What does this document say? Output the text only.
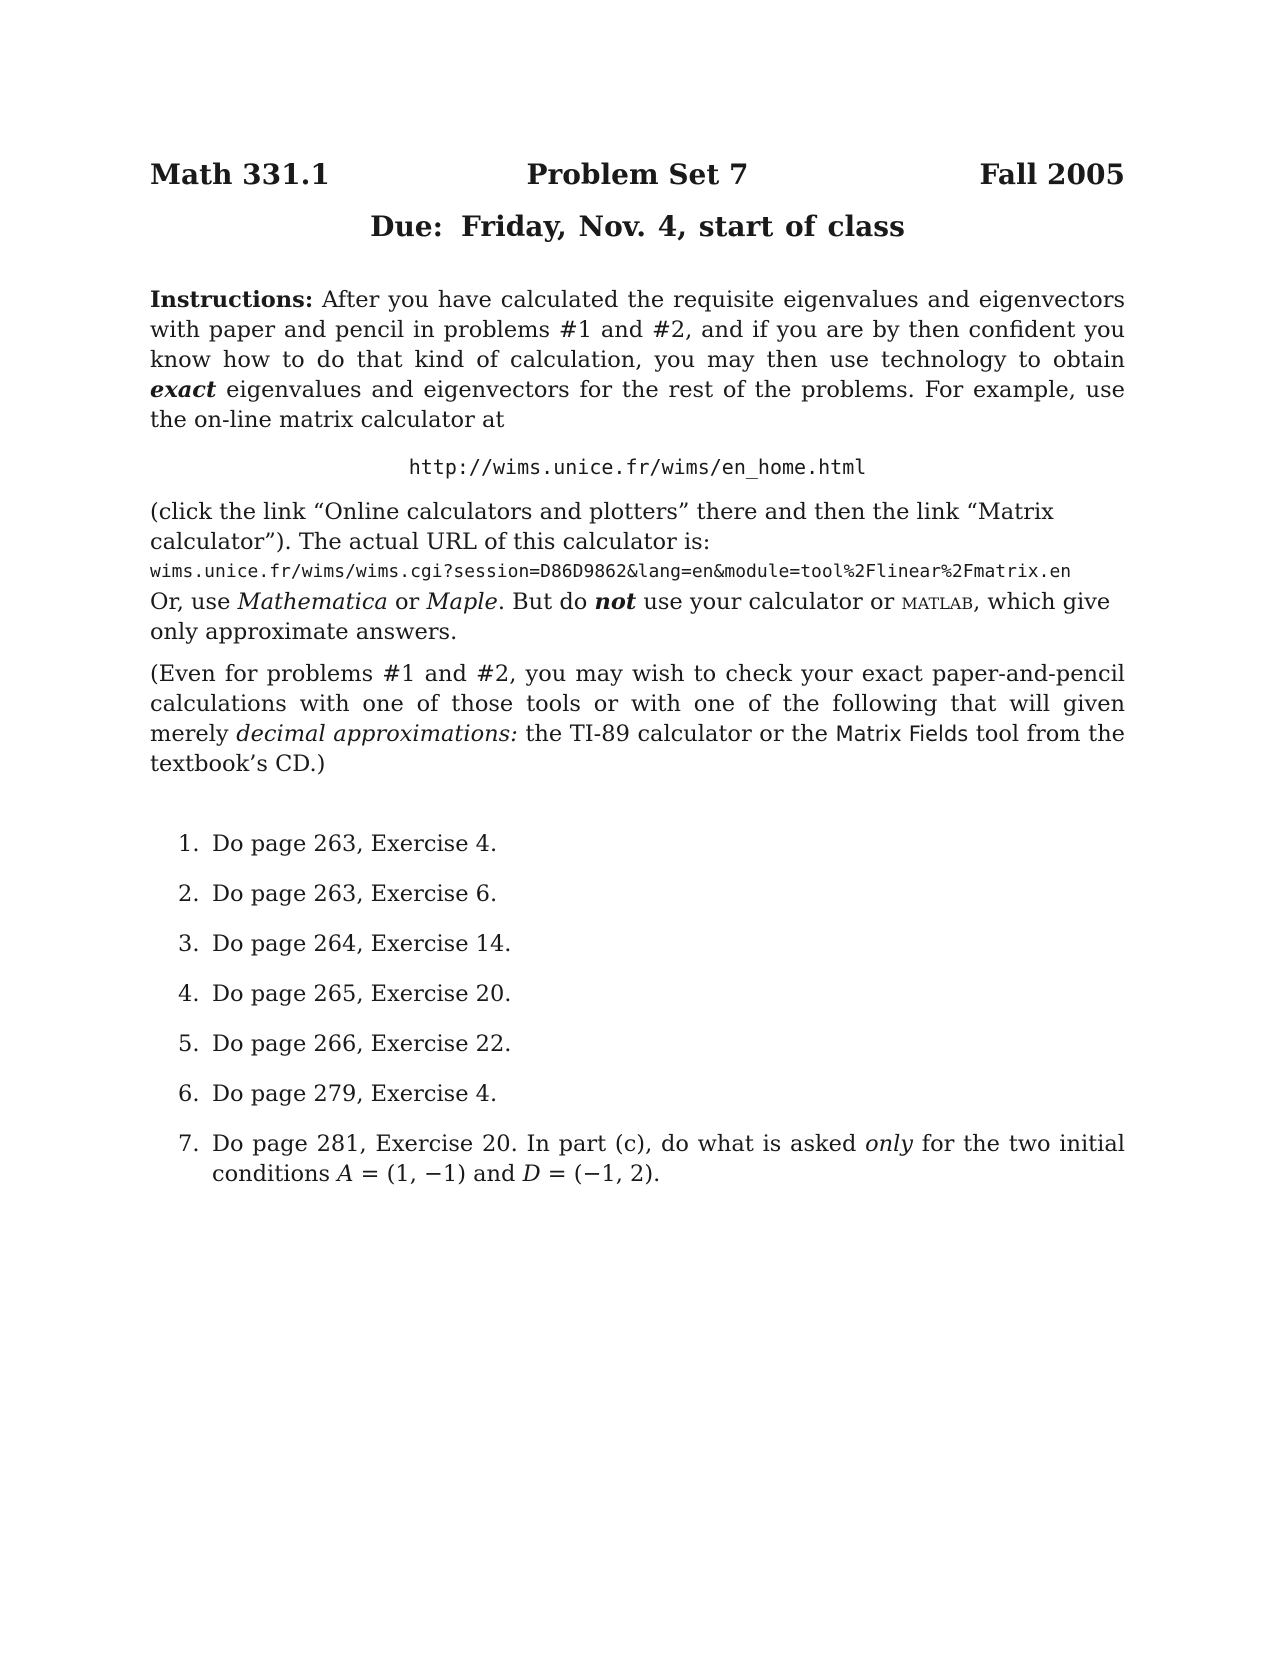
Math 331.1	Problem Set 7	Fall 2005
Due: Friday, Nov. 4, start of class
Instructions: After you have calculated the requisite eigenvalues and eigenvectors with paper and pencil in problems #1 and #2, and if you are by then confident you know how to do that kind of calculation, you may then use technology to obtain exact eigenvalues and eigenvectors for the rest of the problems. For example, use the on-line matrix calculator at
http://wims.unice.fr/wims/en_home.html
(click the link “Online calculators and plotters” there and then the link “Matrix calculator”). The actual URL of this calculator is:
wims.unice.fr/wims/wims.cgi?session=D86D9862&lang=en&module=tool%2Flinear%2Fmatrix.en
Or, use Mathematica or Maple. But do not use your calculator or matlab, which give only approximate answers.
(Even for problems #1 and #2, you may wish to check your exact paper-and-pencil calculations with one of those tools or with one of the following that will given merely decimal approximations: the TI-89 calculator or the Matrix Fields tool from the textbook’s CD.)
1. Do page 263, Exercise 4.
2. Do page 263, Exercise 6.
3. Do page 264, Exercise 14.
4. Do page 265, Exercise 20.
5. Do page 266, Exercise 22.
6. Do page 279, Exercise 4.
7. Do page 281, Exercise 20. In part (c), do what is asked only for the two initial conditions A = (1, −1) and D = (−1, 2).
